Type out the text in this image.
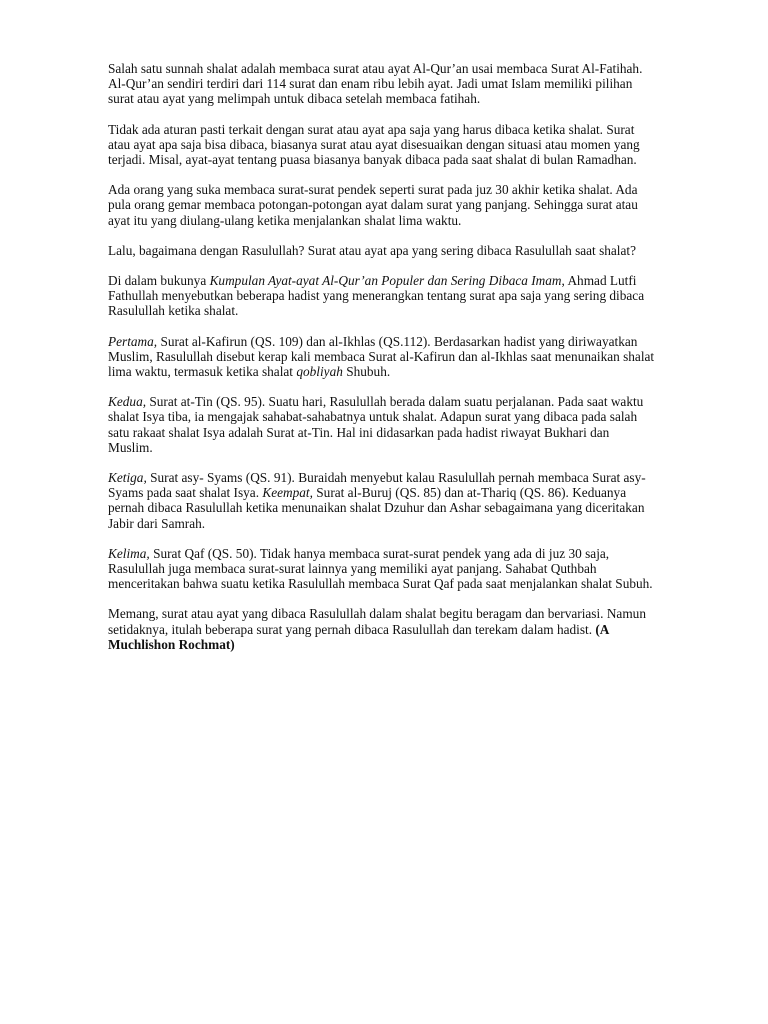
Salah satu sunnah shalat adalah membaca surat atau ayat Al-Qur’an usai membaca Surat Al-Fatihah. Al-Qur’an sendiri terdiri dari 114 surat dan enam ribu lebih ayat. Jadi umat Islam memiliki pilihan surat atau ayat yang melimpah untuk dibaca setelah membaca fatihah.

Tidak ada aturan pasti terkait dengan surat atau ayat apa saja yang harus dibaca ketika shalat. Surat atau ayat apa saja bisa dibaca, biasanya surat atau ayat disesuaikan dengan situasi atau momen yang terjadi. Misal, ayat-ayat tentang puasa biasanya banyak dibaca pada saat shalat di bulan Ramadhan.

Ada orang yang suka membaca surat-surat pendek seperti surat pada juz 30 akhir ketika shalat. Ada pula orang gemar membaca potongan-potongan ayat dalam surat yang panjang. Sehingga surat atau ayat itu yang diulang-ulang ketika menjalankan shalat lima waktu.

Lalu, bagaimana dengan Rasulullah? Surat atau ayat apa yang sering dibaca Rasulullah saat shalat?

Di dalam bukunya Kumpulan Ayat-ayat Al-Qur’an Populer dan Sering Dibaca Imam, Ahmad Lutfi Fathullah menyebutkan beberapa hadist yang menerangkan tentang surat apa saja yang sering dibaca Rasulullah ketika shalat.

Pertama, Surat al-Kafirun (QS. 109) dan al-Ikhlas (QS.112). Berdasarkan hadist yang diriwayatkan Muslim, Rasulullah disebut kerap kali membaca Surat al-Kafirun dan al-Ikhlas saat menunaikan shalat lima waktu, termasuk ketika shalat qobliyah Shubuh.

Kedua, Surat at-Tin (QS. 95). Suatu hari, Rasulullah berada dalam suatu perjalanan. Pada saat waktu shalat Isya tiba, ia mengajak sahabat-sahabatnya untuk shalat. Adapun surat yang dibaca pada salah satu rakaat shalat Isya adalah Surat at-Tin. Hal ini didasarkan pada hadist riwayat Bukhari dan Muslim.

Ketiga, Surat asy- Syams (QS. 91). Buraidah menyebut kalau Rasulullah pernah membaca Surat asy-Syams pada saat shalat Isya. Keempat, Surat al-Buruj (QS. 85) dan at-Thariq (QS. 86). Keduanya pernah dibaca Rasulullah ketika menunaikan shalat Dzuhur dan Ashar sebagaimana yang diceritakan Jabir dari Samrah.

Kelima, Surat Qaf (QS. 50). Tidak hanya membaca surat-surat pendek yang ada di juz 30 saja, Rasulullah juga membaca surat-surat lainnya yang memiliki ayat panjang. Sahabat Quthbah menceritakan bahwa suatu ketika Rasulullah membaca Surat Qaf pada saat menjalankan shalat Subuh.

Memang, surat atau ayat yang dibaca Rasulullah dalam shalat begitu beragam dan bervariasi. Namun setidaknya, itulah beberapa surat yang pernah dibaca Rasulullah dan terekam dalam hadist. (A Muchlishon Rochmat)
